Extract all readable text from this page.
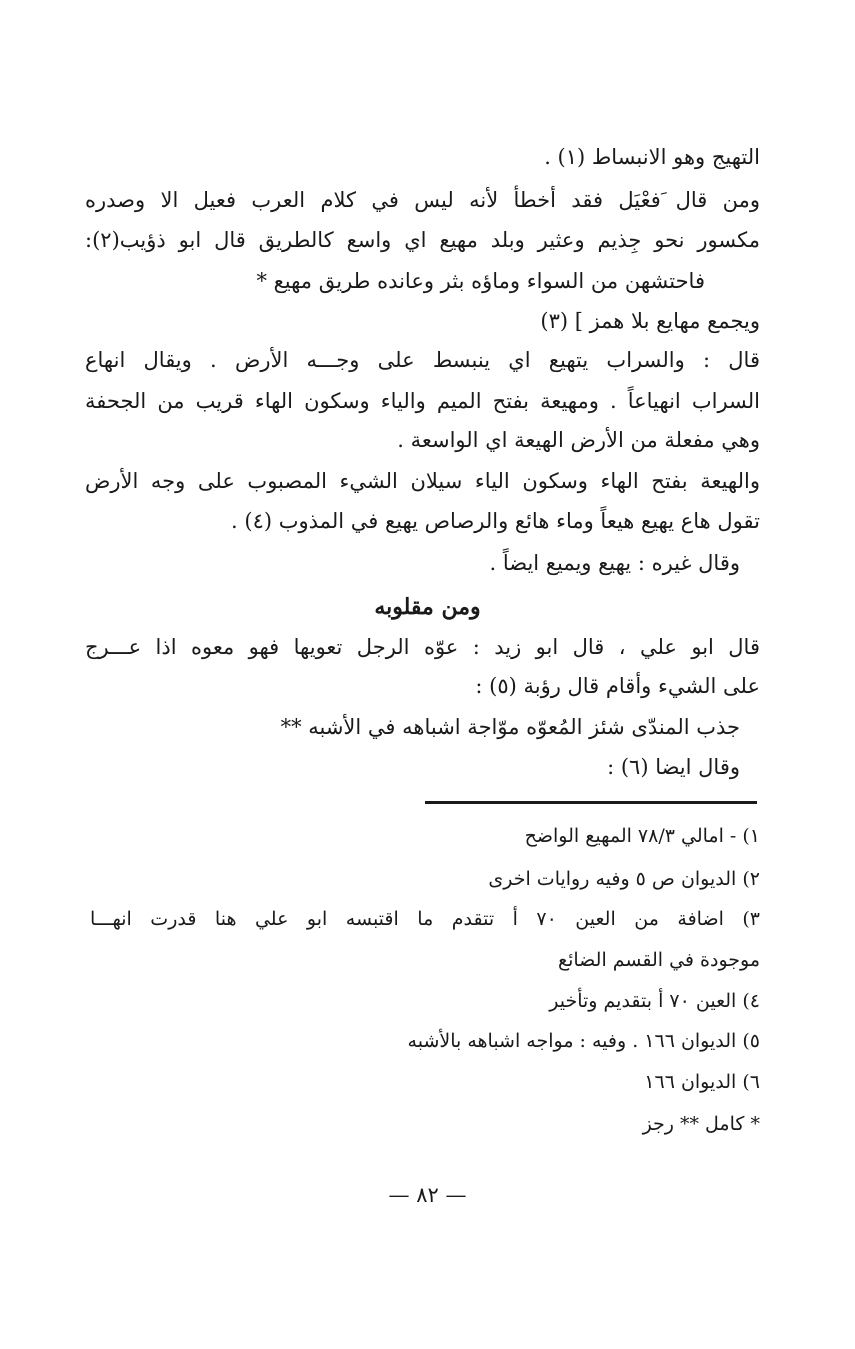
التهيج وهو الانبساط (١) .
ومن قال َفعْيَل فقد أخطأ لأنه ليس في كلام العرب فعيل الا وصدره
مكسور نحو جِذيم وعثير وبلد مهيع اي واسع كالطريق قال ابو ذؤيب(٢):
فاحتشهن من السواء وماؤه بثر وعانده طريق مهيع *
ويجمع مهايع بلا همز ] (٣)
قال : والسراب يتهيع اي ينبسط على وجـــه الأرض . ويقال انهاع
السراب انهياعاً . ومهيعة بفتح الميم والياء وسكون الهاء قريب من الجحفة
وهي مفعلة من الأرض الهيعة اي الواسعة .
والهيعة بفتح الهاء وسكون الياء سيلان الشيء المصبوب على وجه الأرض
تقول هاع يهيع هيعاً وماء هائع والرصاص يهيع في المذوب (٤) .
وقال غيره : يهيع ويميع ايضاً .
ومن مقلوبه
قال ابو علي ، قال ابو زيد : عوّه الرجل تعويها فهو معوه اذا عـــرج
على الشيء وأقام قال رؤبة (٥) :
جذب المندّى شئز المُعوّه موّاجة اشباهه في الأشبه **
وقال ايضا (٦) :
١) - امالي ٧٨/٣ المهيع الواضح
٢) الديوان ص ٥ وفيه روايات اخرى
٣) اضافة من العين ٧٠ أ تتقدم ما اقتبسه ابو علي هنا قدرت انهـــا
موجودة في القسم الضائع
٤) العين ٧٠ أ بتقديم وتأخير
٥) الديوان ١٦٦ . وفيه : مواجه اشباهه بالأشبه
٦) الديوان ١٦٦
* كامل ** رجز
— ٨٢ —
